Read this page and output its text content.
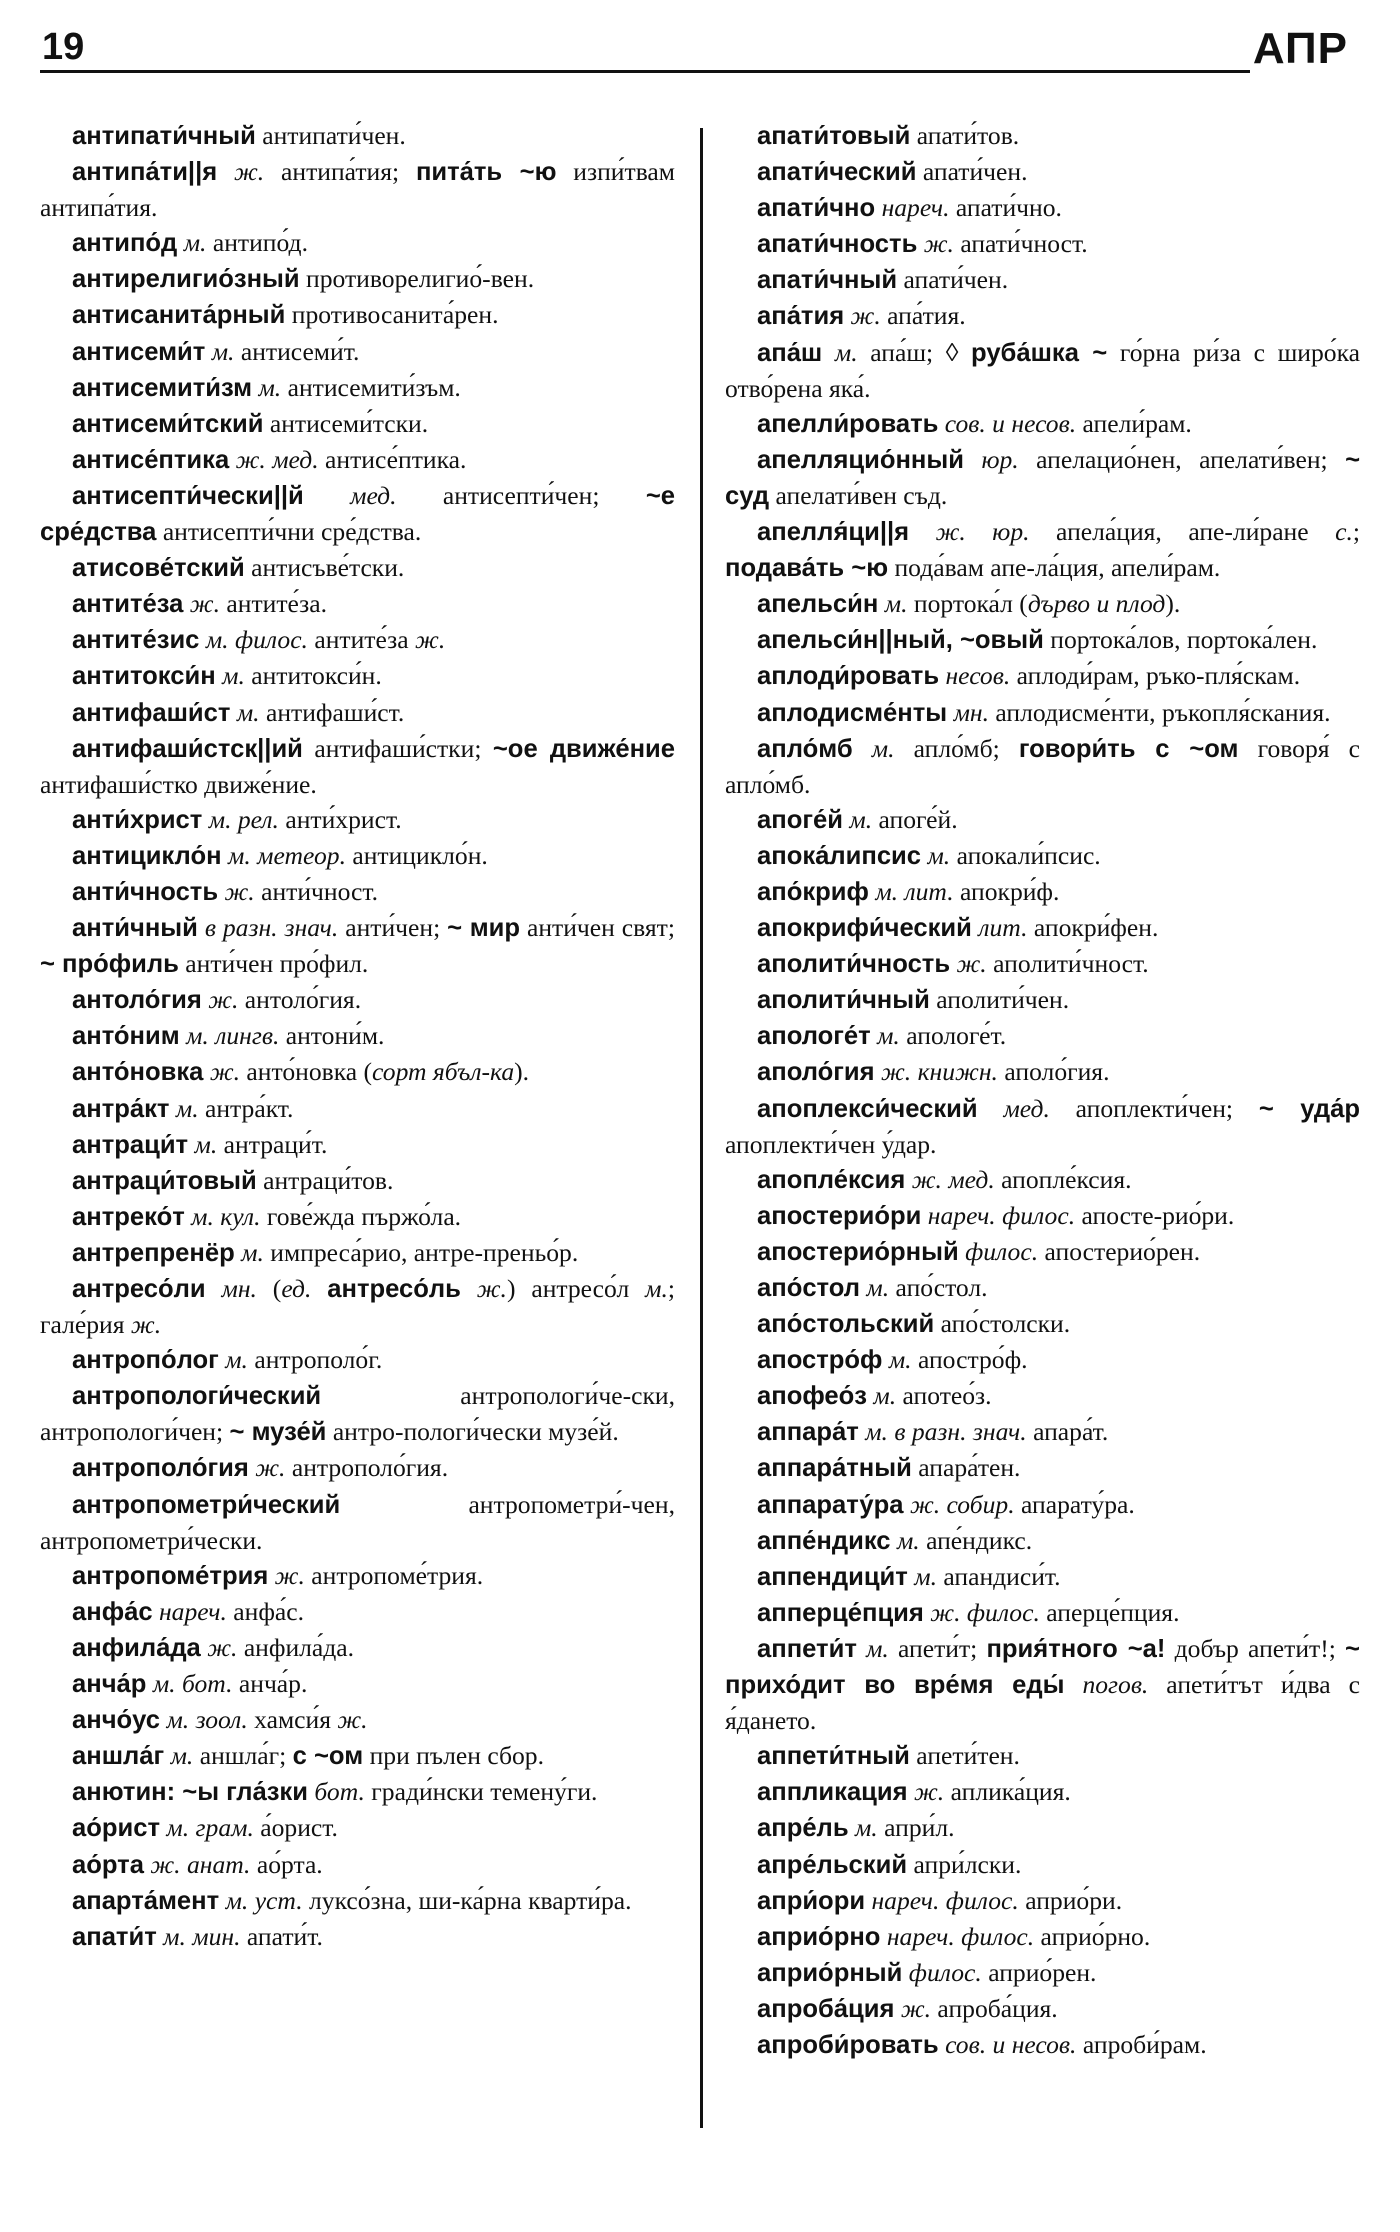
19	АПР

антипати́чный антипати́чен.

антипа́ти||я ж. антипа́тия; пита́ть ~ю изпи́твам антипа́тия.

антипо́д м. антипо́д.

антирелигио́зный противорелигио́-вен.

антисанита́рный противосанита́рен.

антисеми́т м. антисеми́т.

антисемити́зм м. антисемити́зъм.

антисеми́тский антисеми́тски.

антисе́птика ж. мед. антисе́птика.

антисепти́чески||й мед. антисепти́чен; ~е сре́дства антисепти́чни сре́дства.

атисове́тский антисъве́тски.

антите́за ж. антите́за.

антите́зис м. филос. антите́за ж.

антитокси́н м. антитокси́н.

антифаши́ст м. антифаши́ст.

антифаши́стск||ий антифаши́стки; ~ое движе́ние антифаши́стко движе́ние.

анти́христ м. рел. анти́христ.

антицикло́н м. метеор. антицикло́н.

анти́чность ж. анти́чност.

анти́чный в разн. знач. анти́чен; ~ мир анти́чен свят; ~ про́филь анти́чен про́фил.

антоло́гия ж. антоло́гия.

анто́ним м. лингв. антони́м.

анто́новка ж. анто́новка (сорт ябъл-ка).

антра́кт м. антра́кт.

антраци́т м. антраци́т.

антраци́товый антраци́тов.

антреко́т м. кул. гове́жда пържо́ла.

антрепренёр м. импреса́рио, антре-преньо́р.

антресо́ли мн. (ед. антресо́ль ж.) антресо́л м.; гале́рия ж.

антропо́лог м. антрополо́г.

антропологи́ческий антропологи́че-ски, антропологи́чен; ~ музе́й антро-пологи́чески музе́й.

антрополо́гия ж. антрополо́гия.

антропометри́ческий антропометри́-чен, антропометри́чески.

антропоме́трия ж. антропоме́трия.

анфа́с нареч. анфа́с.

анфила́да ж. анфила́да.

анча́р м. бот. анча́р.

анчо́ус м. зоол. хамси́я ж.

аншла́г м. аншла́г; с ~ом при пълен сбор.

анютин: ~ы гла́зки бот. гради́нски темену́ги.

ао́рист м. грам. а́орист.

ао́рта ж. анат. ао́рта.

апарта́мент м. уст. луксо́зна, ши-ка́рна кварти́ра.

апати́т м. мин. апати́т.

апати́товый апати́тов.

апати́ческий апати́чен.

апати́чно нареч. апати́чно.

апати́чность ж. апати́чност.

апати́чный апати́чен.

апа́тия ж. апа́тия.

апа́ш м. апа́ш; ◊ руба́шка ~ го́рна ри́за с широ́ка отво́рена яка́.

апелли́ровать сов. и несов. апели́рам.

апелляцио́нный юр. апелацио́нен, апелати́вен; ~ суд апелати́вен съд.

апелля́ци||я ж. юр. апела́ция, апе-ли́ране с.; подава́ть ~ю пода́вам апе-ла́ция, апели́рам.

апельси́н м. портока́л (дърво и плод).

апельси́н||ный, ~овый портока́лов, портока́лен.

аплоди́ровать несов. аплоди́рам, ръко-пля́скам.

аплодисме́нты мн. аплодисме́нти, ръкопля́скания.

апло́мб м. апло́мб; говори́ть с ~ом говоря́ с апло́мб.

апоге́й м. апоге́й.

апока́липсис м. апокали́псис.

апо́криф м. лит. апокри́ф.

апокрифи́ческий лит. апокри́фен.

аполити́чность ж. аполити́чност.

аполити́чный аполити́чен.

апологе́т м. апологе́т.

аполо́гия ж. книжн. аполо́гия.

апоплекси́ческий мед. апоплекти́чен; ~ уда́р апоплекти́чен у́дар.

апопле́ксия ж. мед. апопле́ксия.

апостерио́ри нареч. филос. апосте-рио́ри.

апостерио́рный филос. апостерио́рен.

апо́стол м. апо́стол.

апо́стольский апо́столски.

апостро́ф м. апостро́ф.

апофео́з м. апотео́з.

аппара́т м. в разн. знач. апара́т.

аппара́тный апара́тен.

аппарату́ра ж. собир. апарату́ра.

аппе́ндикс м. апе́ндикс.

аппендици́т м. апандиси́т.

апперце́пция ж. филос. аперце́пция.

аппети́т м. апети́т; прия́тного ~а! добър апети́т!; ~ прихо́дит во вре́мя еды́ погов. апети́тът и́два с я́дането.

аппети́тный апети́тен.

аппликация ж. аплика́ция.

апре́ль м. апри́л.

апре́льский апри́лски.

апри́ори нареч. филос. априо́ри.

априо́рно нареч. филос. априо́рно.

априо́рный филос. априо́рен.

апроба́ция ж. апроба́ция.

апроби́ровать сов. и несов. апроби́рам.
